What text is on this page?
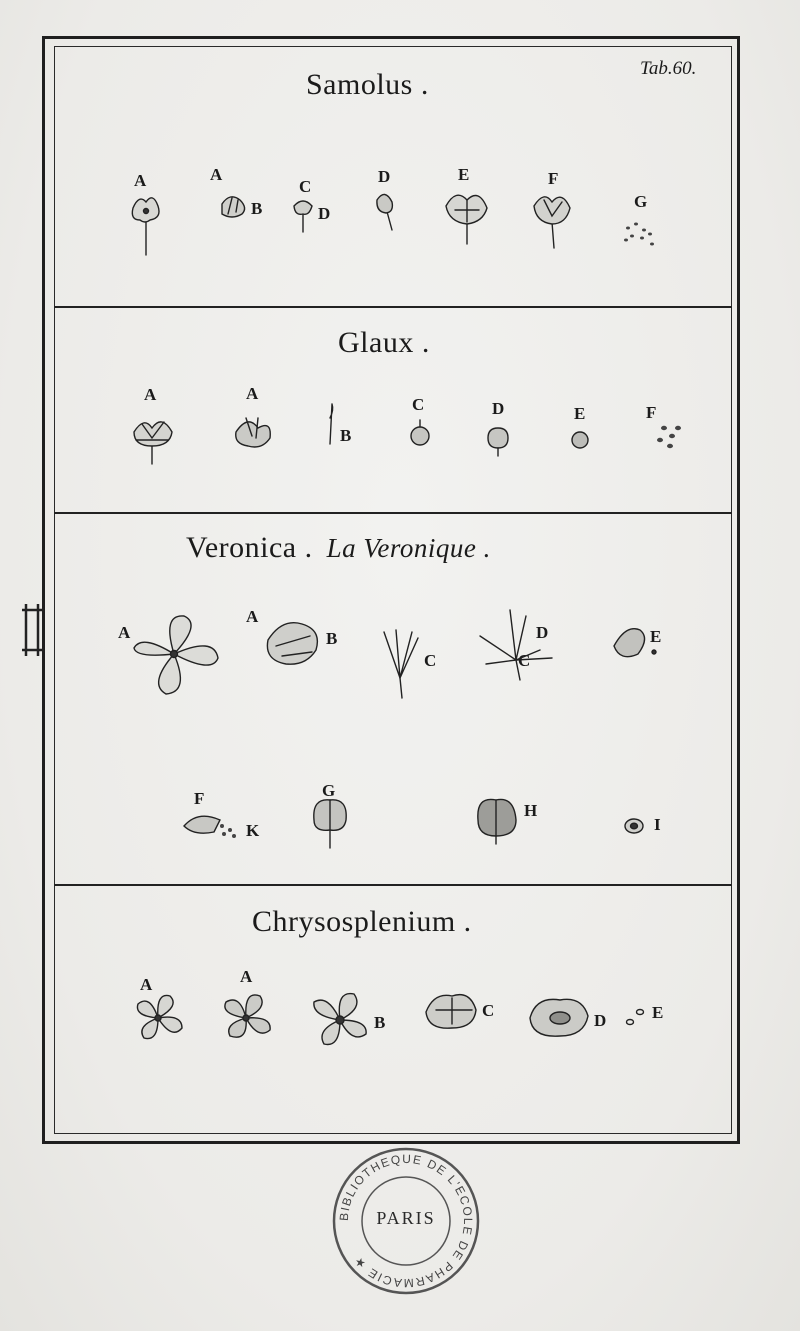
Tab.60.
Samolus .
Glaux .
Veronica . La Veronique .
Chrysosplenium .
A	A
B
C
D
D	E	F
G
A	A
B
C	D	E	F
A
A
B
C
D
C
E
F
K
G
H
I
A	A
B
C
D	E
BIBLIOTHEQUE DE L'ECOLE DE PHARMACIE ★
PARIS
